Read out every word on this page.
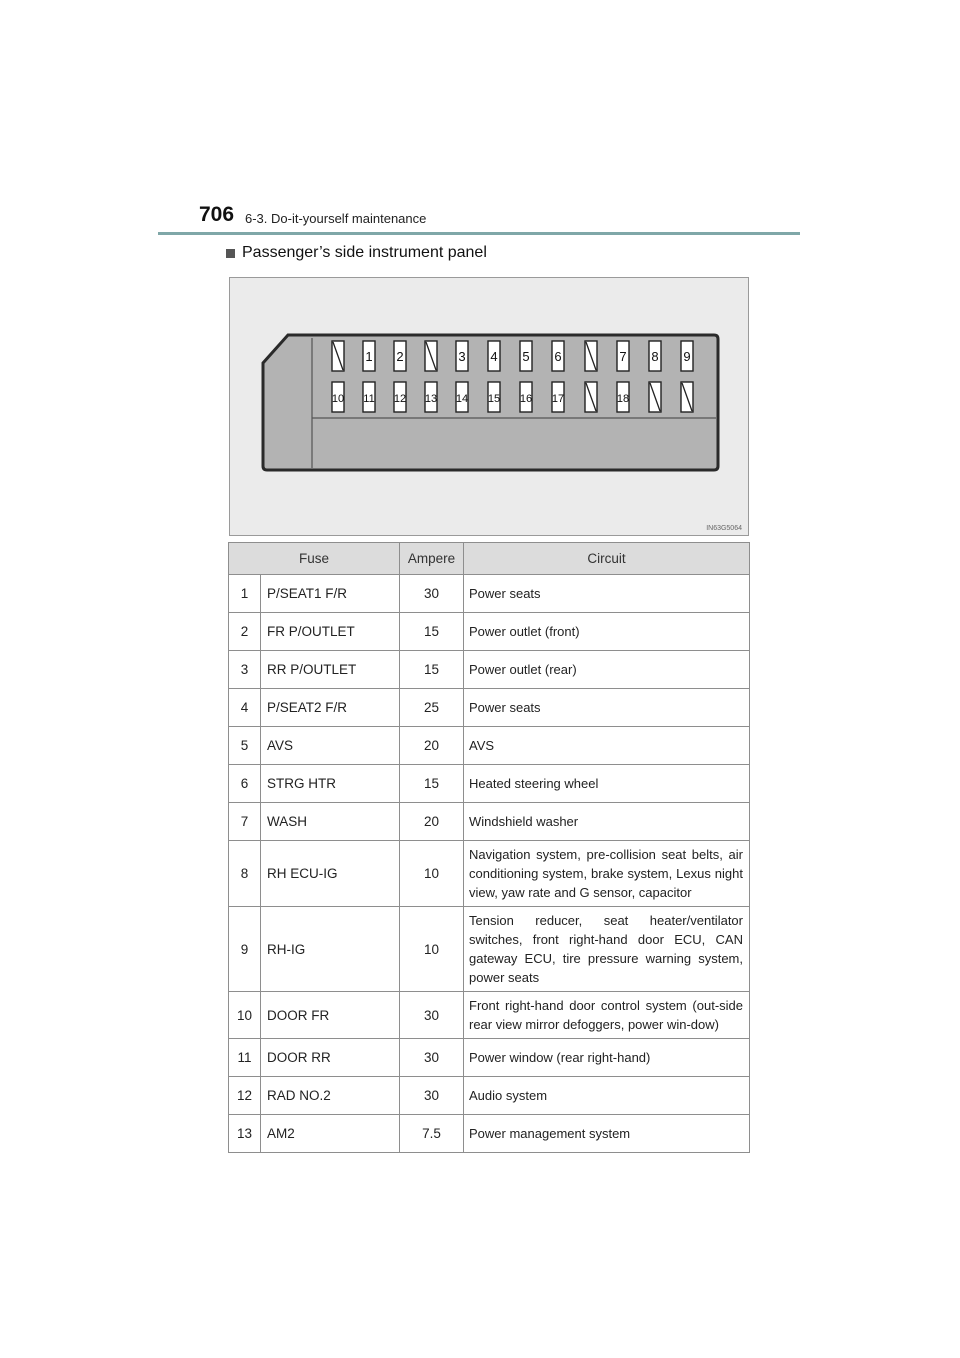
706 6-3. Do-it-yourself maintenance
Passenger’s side instrument panel
1 2	3 4 5 6	7 8 9
10 11 12 13 14 15 16 17	18
IN63G5064
Fuse		Ampere	Circuit
1	P/SEAT1 F/R	30	Power seats
2	FR P/OUTLET	15	Power outlet (front)
3	RR P/OUTLET	15	Power outlet (rear)
4	P/SEAT2 F/R	25	Power seats
5	AVS	20	AVS
6	STRG HTR	15	Heated steering wheel
7	WASH	20	Windshield washer
8	RH ECU-IG	10	Navigation system, pre-collision seat belts, air conditioning system, brake system, Lexus night view, yaw rate and G sensor, capacitor
9	RH-IG	10	Tension reducer, seat heater/ventilator switches, front right-hand door ECU, CAN gateway ECU, tire pressure warning system, power seats
10	DOOR FR	30	Front right-hand door control system (out-side rear view mirror defoggers, power win-dow)
11	DOOR RR	30	Power window (rear right-hand)
12	RAD NO.2	30	Audio system
13	AM2	7.5	Power management system
